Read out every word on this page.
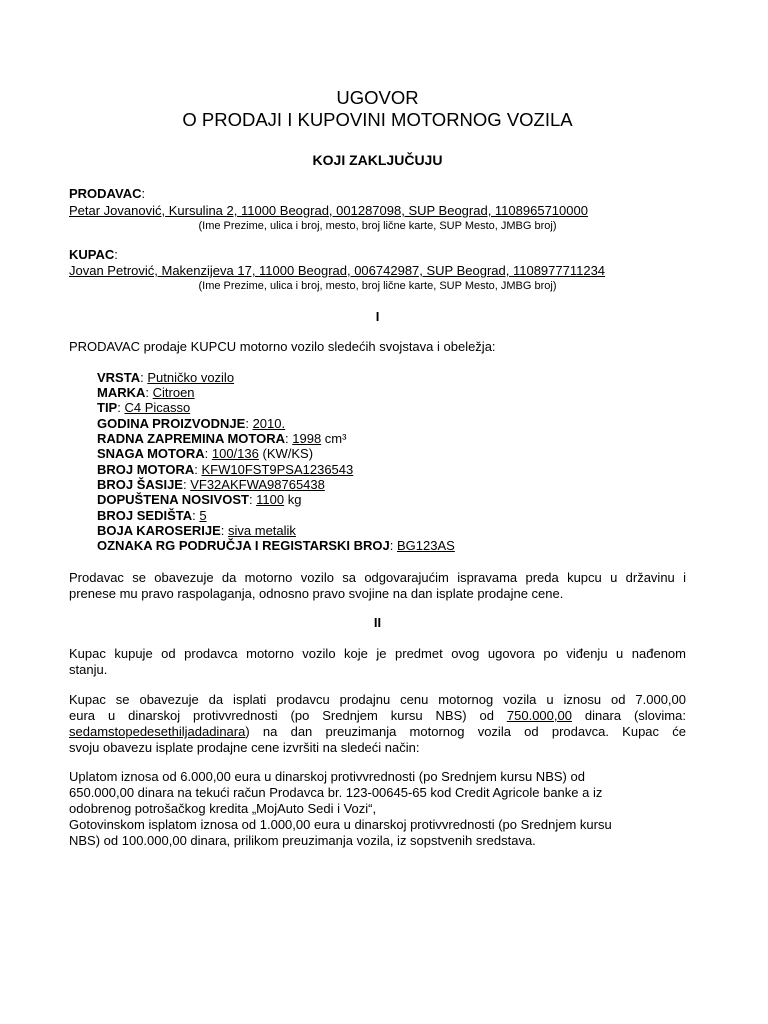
UGOVOR
O PRODAJI I KUPOVINI MOTORNOG VOZILA
KOJI ZAKLJUČUJU
PRODAVAC:
Petar Jovanović, Kursulina 2, 11000 Beograd, 001287098, SUP Beograd, 1108965710000
(Ime Prezime, ulica i broj, mesto, broj lične karte, SUP Mesto, JMBG broj)
KUPAC:
Jovan Petrović, Makenzijeva 17, 11000 Beograd, 006742987, SUP Beograd, 1108977711234
(Ime Prezime, ulica i broj, mesto, broj lične karte, SUP Mesto, JMBG broj)
I
PRODAVAC prodaje KUPCU motorno vozilo sledećih svojstava i obeležja:
VRSTA: Putničko vozilo
MARKA: Citroen
TIP: C4 Picasso
GODINA PROIZVODNJE: 2010.
RADNA ZAPREMINA MOTORA: 1998 cm³
SNAGA MOTORA: 100/136 (KW/KS)
BROJ MOTORA: KFW10FST9PSA1236543
BROJ ŠASIJE: VF32AKFWA98765438
DOPUŠTENA NOSIVOST: 1100 kg
BROJ SEDIŠTA: 5
BOJA KAROSERIJE: siva metalik
OZNAKA RG PODRUČJA I REGISTARSKI BROJ: BG123AS
Prodavac se obavezuje da motorno vozilo sa odgovarajućim ispravama preda kupcu u državinu i
prenese mu pravo raspolaganja, odnosno pravo svojine na dan isplate prodajne cene.
II
Kupac kupuje od prodavca motorno vozilo koje je predmet ovog ugovora po viđenju u nađenom
stanju.
Kupac se obavezuje da isplati prodavcu prodajnu cenu motornog vozila u iznosu od 7.000,00
eura u dinarskoj protivvrednosti (po Srednjem kursu NBS) od 750.000,00 dinara (slovima:
sedamstopedesethiljadadinara) na dan preuzimanja motornog vozila od prodavca. Kupac će
svoju obavezu isplate prodajne cene izvršiti na sledeći način:
Uplatom iznosa od 6.000,00 eura u dinarskoj protivvrednosti (po Srednjem kursu NBS) od
650.000,00 dinara na tekući račun Prodavca br. 123-00645-65 kod Credit Agricole banke a iz
odobrenog potrošačkog kredita „MojAuto Sedi i Vozi“,
Gotovinskom isplatom iznosa od 1.000,00 eura u dinarskoj protivvrednosti (po Srednjem kursu
NBS) od 100.000,00 dinara, prilikom preuzimanja vozila, iz sopstvenih sredstava.
